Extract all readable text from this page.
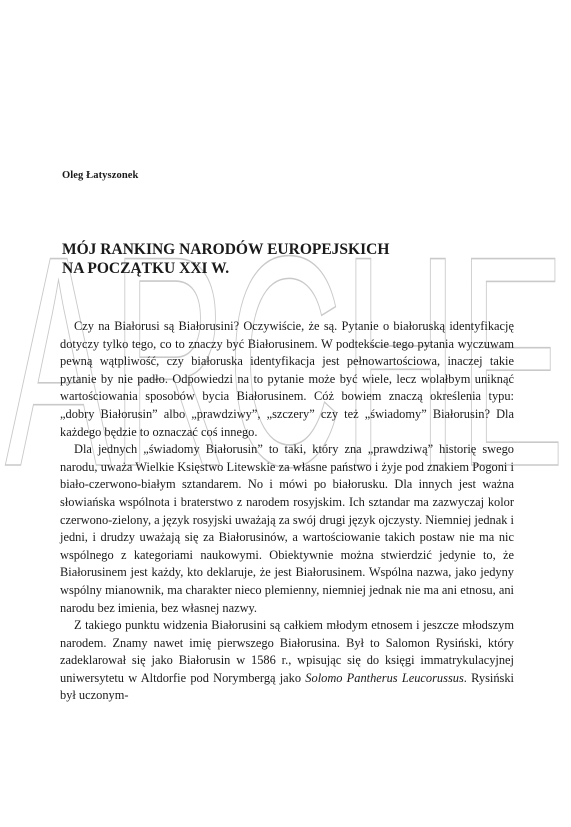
ARCHE
Oleg Łatyszonek
MÓJ RANKING NARODÓW EUROPEJSKICH
NA POCZĄTKU XXI W.

Czy na Białorusi są Białorusini? Oczywiście, że są. Pytanie o białoruską identyfikację dotyczy tylko tego, co to znaczy być Białorusinem. W podtekście tego pytania wyczuwam pewną wątpliwość, czy białoruska identyfikacja jest pełnowartościowa, inaczej takie pytanie by nie padło. Odpowiedzi na to pytanie może być wiele, lecz wolałbym uniknąć wartościowania sposobów bycia Białorusinem. Cóż bowiem znaczą określenia typu: „dobry Białorusin” albo „prawdziwy”, „szczery” czy też „świadomy” Białorusin? Dla każdego będzie to oznaczać coś innego.

Dla jednych „świadomy Białorusin” to taki, który zna „prawdziwą” historię swego narodu, uważa Wielkie Księstwo Litewskie za własne państwo i żyje pod znakiem Pogoni i biało-czerwono-białym sztandarem. No i mówi po białorusku. Dla innych jest ważna słowiańska wspólnota i braterstwo z narodem rosyjskim. Ich sztandar ma zazwyczaj kolor czerwono-zielony, a język rosyjski uważają za swój drugi język ojczysty. Niemniej jednak i jedni, i drudzy uważają się za Białorusinów, a wartościowanie takich postaw nie ma nic wspólnego z kategoriami naukowymi. Obiektywnie można stwierdzić jedynie to, że Białorusinem jest każdy, kto deklaruje, że jest Białorusinem. Wspólna nazwa, jako jedyny wspólny mianownik, ma charakter nieco plemienny, niemniej jednak nie ma ani etnosu, ani narodu bez imienia, bez własnej nazwy.

Z takiego punktu widzenia Białorusini są całkiem młodym etnosem i jeszcze młodszym narodem. Znamy nawet imię pierwszego Białorusina. Był to Salomon Rysiński, który zadeklarował się jako Białorusin w 1586 r., wpisując się do księgi immatrykulacyjnej uniwersytetu w Altdorfie pod Norymbergą jako Solomo Pantherus Leucorussus. Rysiński był uczonym-
